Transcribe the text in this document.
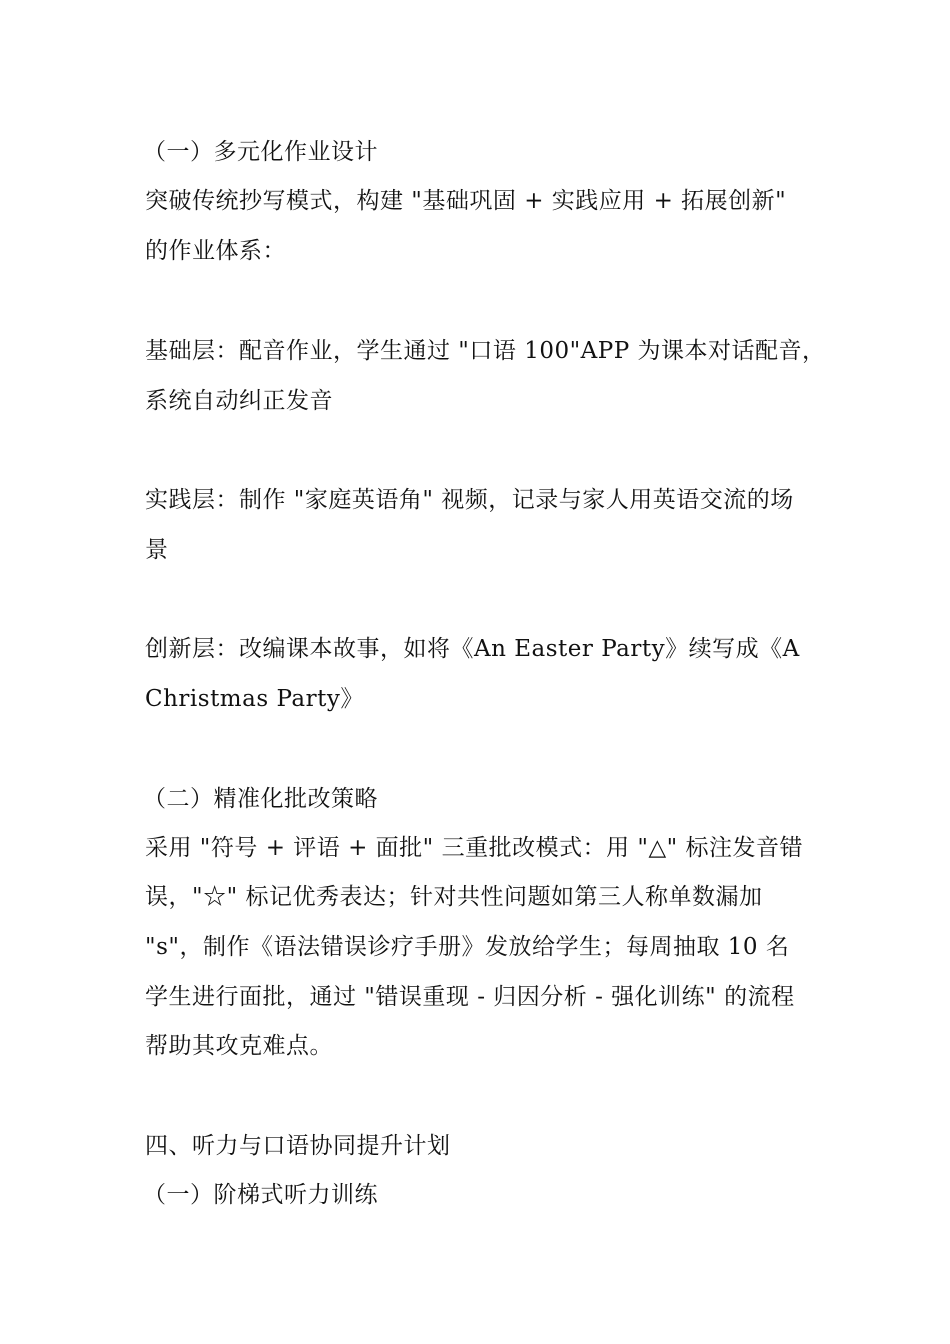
（一）多元化作业设计
突破传统抄写模式，构建 "基础巩固 + 实践应用 + 拓展创新"
的作业体系：
基础层：配音作业，学生通过 "口语 100"APP 为课本对话配音，
系统自动纠正发音
实践层：制作 "家庭英语角" 视频，记录与家人用英语交流的场
景
创新层：改编课本故事，如将《An Easter Party》续写成《A
Christmas Party》
（二）精准化批改策略
采用 "符号 + 评语 + 面批" 三重批改模式：用 "△" 标注发音错
误，"☆" 标记优秀表达；针对共性问题如第三人称单数漏加
"s"，制作《语法错误诊疗手册》发放给学生；每周抽取 10 名
学生进行面批，通过 "错误重现 - 归因分析 - 强化训练" 的流程
帮助其攻克难点。
四、听力与口语协同提升计划
（一）阶梯式听力训练
